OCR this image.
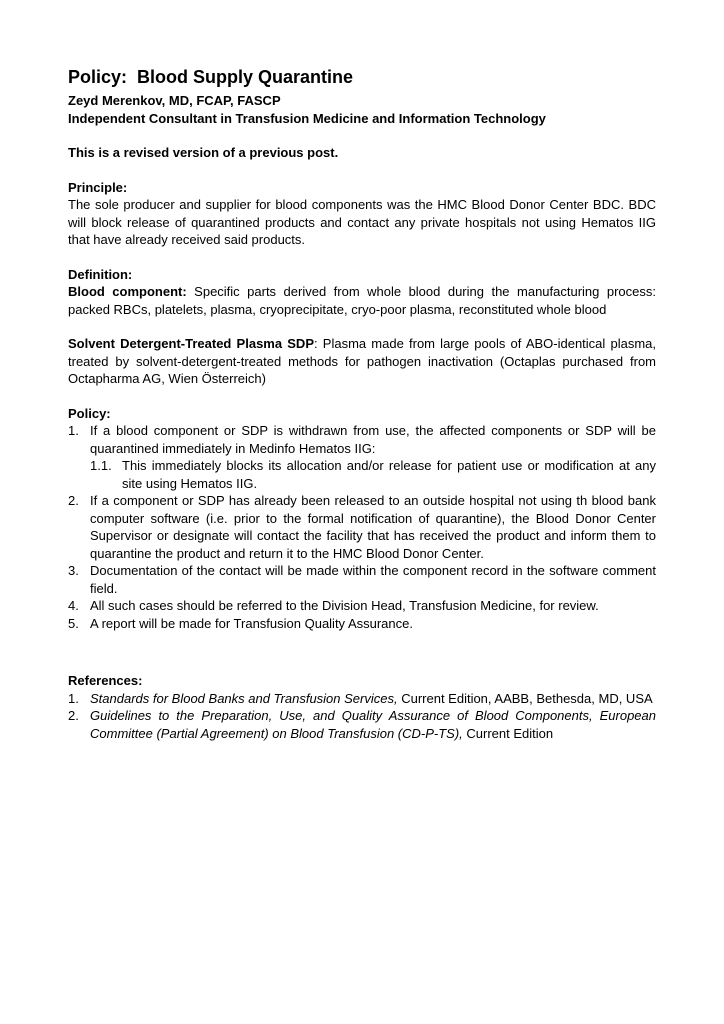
Policy:  Blood Supply Quarantine

Zeyd Merenkov, MD, FCAP, FASCP

Independent Consultant in Transfusion Medicine and Information Technology

This is a revised version of a previous post.

Principle:

The sole producer and supplier for blood components was the HMC Blood Donor Center BDC. BDC will block release of quarantined products and contact any private hospitals not using Hematos IIG that have already received said products.

Definition:

Blood component: Specific parts derived from whole blood during the manufacturing process: packed RBCs, platelets, plasma, cryoprecipitate, cryo-poor plasma, reconstituted whole blood

Solvent Detergent-Treated Plasma SDP: Plasma made from large pools of ABO-identical plasma, treated by solvent-detergent-treated methods for pathogen inactivation (Octaplas purchased from Octapharma AG, Wien Österreich)

Policy:
1. If a blood component or SDP is withdrawn from use, the affected components or SDP will be quarantined immediately in Medinfo Hematos IIG:
1.1. This immediately blocks its allocation and/or release for patient use or modification at any site using Hematos IIG.
2. If a component or SDP has already been released to an outside hospital not using th blood bank computer software (i.e. prior to the formal notification of quarantine), the Blood Donor Center Supervisor or designate will contact the facility that has received the product and inform them to quarantine the product and return it to the HMC Blood Donor Center.
3. Documentation of the contact will be made within the component record in the software comment field.
4. All such cases should be referred to the Division Head, Transfusion Medicine, for review.
5. A report will be made for Transfusion Quality Assurance.
References:
1. Standards for Blood Banks and Transfusion Services, Current Edition, AABB, Bethesda, MD, USA
2. Guidelines to the Preparation, Use, and Quality Assurance of Blood Components, European Committee (Partial Agreement) on Blood Transfusion (CD-P-TS), Current Edition
